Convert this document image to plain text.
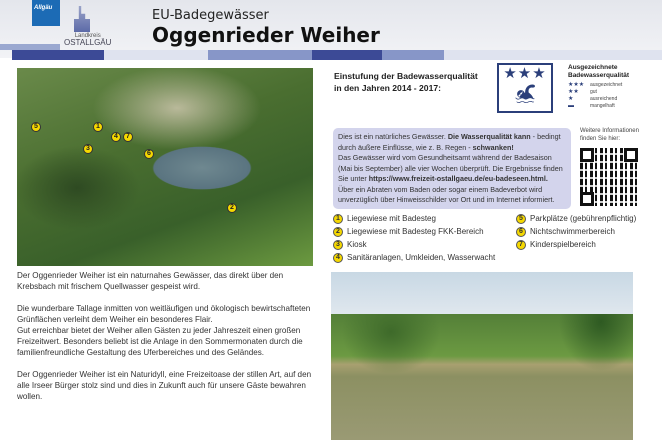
Allgäu
Landkreis
OSTALLGÄU
EU-Badegewässer
Oggenrieder Weiher
1
2
3
4
5
6
7

Der Oggenrieder Weiher ist ein naturnahes Gewässer, das direkt über den Krebsbach mit frischem Quellwasser gespeist wird.

Die wunderbare Tallage inmitten von weitläufigen und ökologisch bewirtschafteten Grünflächen verleiht dem Weiher ein besonderes Flair.

Gut erreichbar bietet der Weiher allen Gästen zu jeder Jahreszeit einen großen Freizeitwert. Besonders beliebt ist die Anlage in den Sommermonaten durch die familienfreundliche Gestaltung des Uferbereiches und des Geländes.

Der Oggenrieder Weiher ist ein Naturidyll, eine Freizeitoase der stillen Art, auf den alle Irseer Bürger stolz sind und dies in Zukunft auch für unsere Gäste bewahren wollen.

Einstufung der Badewasserqualität
in den Jahren 2014 - 2017:
★★★
🏊︎
Ausgezeichnete Badewasserqualität
★★★	ausgezeichnet
★★	gut
★	ausreichend
▬	mangelhaft
Dies ist ein natürliches Gewässer. Die Wasserqualität kann - bedingt durch äußere Einflüsse, wie z. B. Regen - schwanken!
Das Gewässer wird vom Gesundheitsamt während der Badesaison (Mai bis September) alle vier Wochen überprüft. Die Ergebnisse finden Sie unter https://www.freizeit-ostallgaeu.de/eu-badeseen.html.
Über ein Abraten vom Baden oder sogar einem Badeverbot wird unverzüglich über Hinweisschilder vor Ort und im Internet informiert.
Weitere Informationen finden Sie hier:
1 Liegewiese mit Badesteg
2 Liegewiese mit Badesteg FKK-Bereich
3 Kiosk
4 Sanitäranlagen, Umkleiden, Wasserwacht
5 Parkplätze (gebührenpflichtig)
6 Nichtschwimmerbereich
7 Kinderspielbereich
